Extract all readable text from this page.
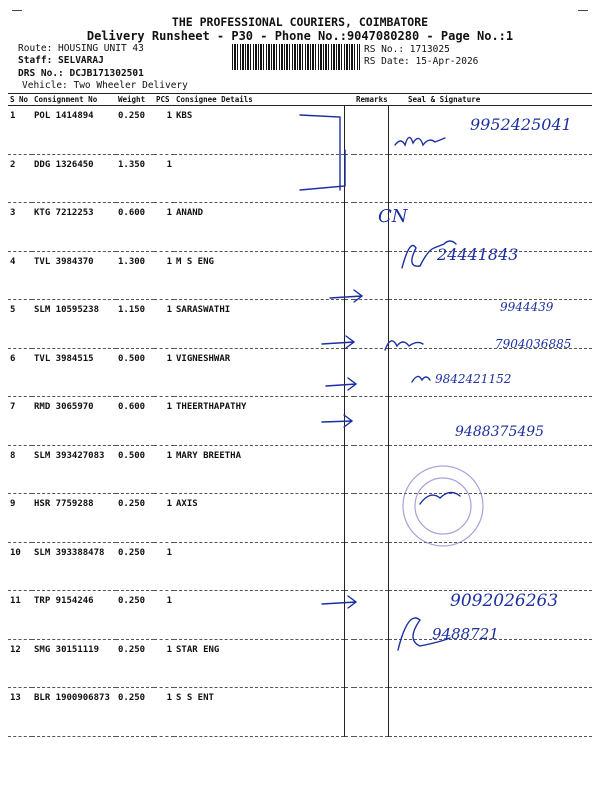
THE PROFESSIONAL COURIERS, COIMBATORE
Delivery Runsheet - P30 - Phone No.:9047080280 - Page No.:1
Route: HOUSING UNIT 43
Staff: SELVARAJ
DRS No.: DCJB171302501
Vehicle: Two Wheeler Delivery
RS No.: 1713025
RS Date: 15-Apr-2026
S No	Consignment No	Weight	PCS	Consignee Details		Remarks	Seal & Signature
1	POL 1414894	0.250	1	KBS			
2	DDG 1326450	1.350	1				
3	KTG 7212253	0.600	1	ANAND			
4	TVL 3984370	1.300	1	M S ENG			
5	SLM 10595238	1.150	1	SARASWATHI			
6	TVL 3984515	0.500	1	VIGNESHWAR			
7	RMD 3065970	0.600	1	THEERTHAPATHY			
8	SLM 393427083	0.500	1	MARY BREETHA			
9	HSR 7759288	0.250	1	AXIS			
10	SLM 393388478	0.250	1				
11	TRP 9154246	0.250	1				
12	SMG 30151119	0.250	1	STAR ENG			
13	BLR 1900906873	0.250	1	S S ENT			
9952425041
CN
24441843
9944439
7904036885
9842421152
9488375495
9092026263
9488721
